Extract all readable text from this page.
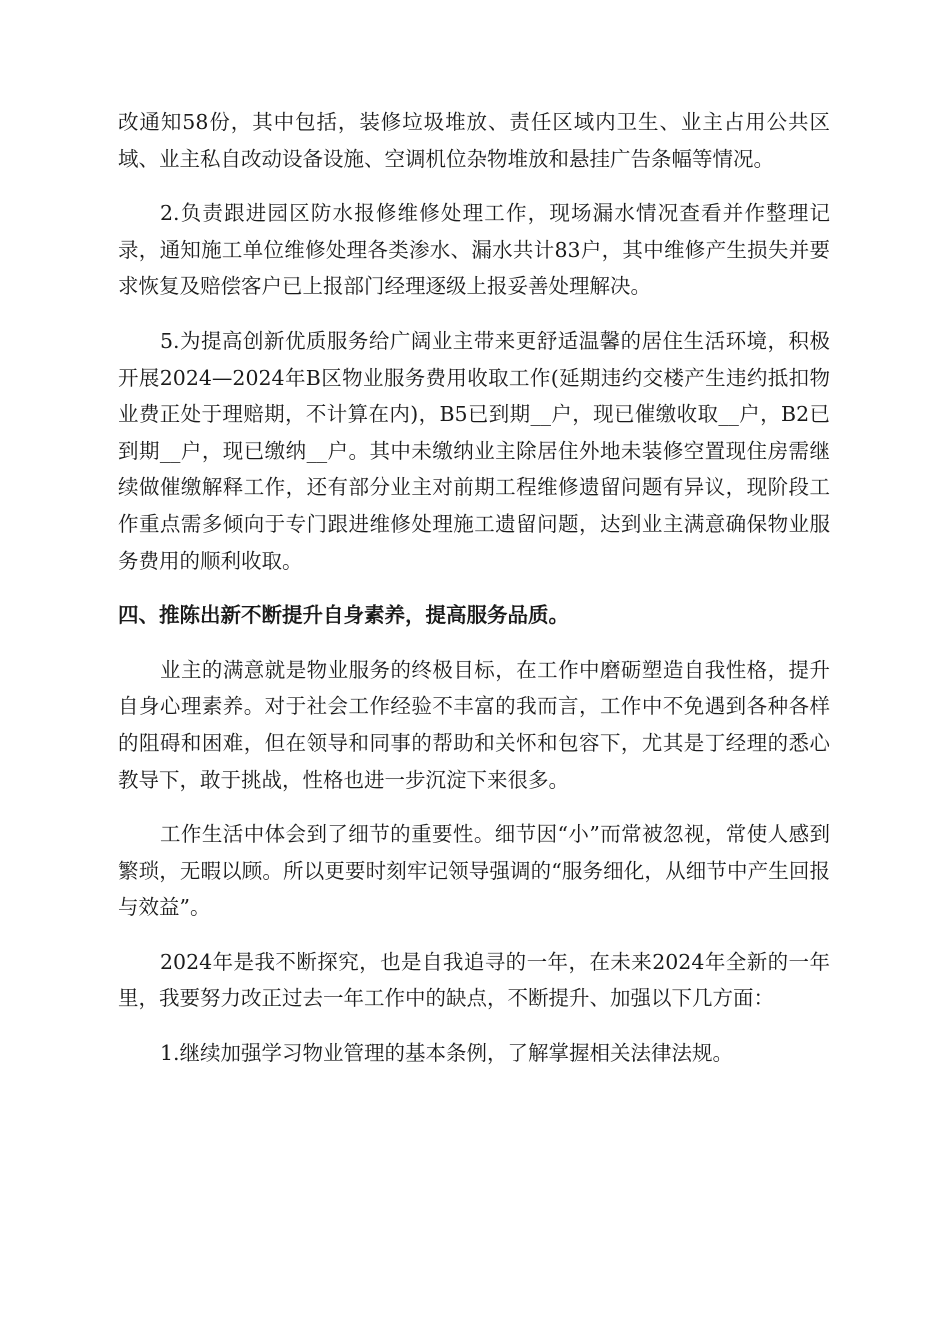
改通知58份，其中包括，装修垃圾堆放、责任区域内卫生、业主占用公共区域、业主私自改动设备设施、空调机位杂物堆放和悬挂广告条幅等情况。

2.负责跟进园区防水报修维修处理工作，现场漏水情况查看并作整理记录，通知施工单位维修处理各类渗水、漏水共计83户，其中维修产生损失并要求恢复及赔偿客户已上报部门经理逐级上报妥善处理解决。

5.为提高创新优质服务给广阔业主带来更舒适温馨的居住生活环境，积极开展2024—2024年B区物业服务费用收取工作(延期违约交楼产生违约抵扣物业费正处于理赔期，不计算在内)，B5已到期__户，现已催缴收取__户，B2已到期__户，现已缴纳__户。其中未缴纳业主除居住外地未装修空置现住房需继续做催缴解释工作，还有部分业主对前期工程维修遗留问题有异议，现阶段工作重点需多倾向于专门跟进维修处理施工遗留问题，达到业主满意确保物业服务费用的顺利收取。

四、推陈出新不断提升自身素养，提高服务品质。

业主的满意就是物业服务的终极目标，在工作中磨砺塑造自我性格，提升自身心理素养。对于社会工作经验不丰富的我而言，工作中不免遇到各种各样的阻碍和困难，但在领导和同事的帮助和关怀和包容下，尤其是丁经理的悉心教导下，敢于挑战，性格也进一步沉淀下来很多。

工作生活中体会到了细节的重要性。细节因“小”而常被忽视，常使人感到繁琐，无暇以顾。所以更要时刻牢记领导强调的“服务细化，从细节中产生回报与效益”。

2024年是我不断探究，也是自我追寻的一年，在未来2024年全新的一年里，我要努力改正过去一年工作中的缺点，不断提升、加强以下几方面：

1.继续加强学习物业管理的基本条例，了解掌握相关法律法规。
